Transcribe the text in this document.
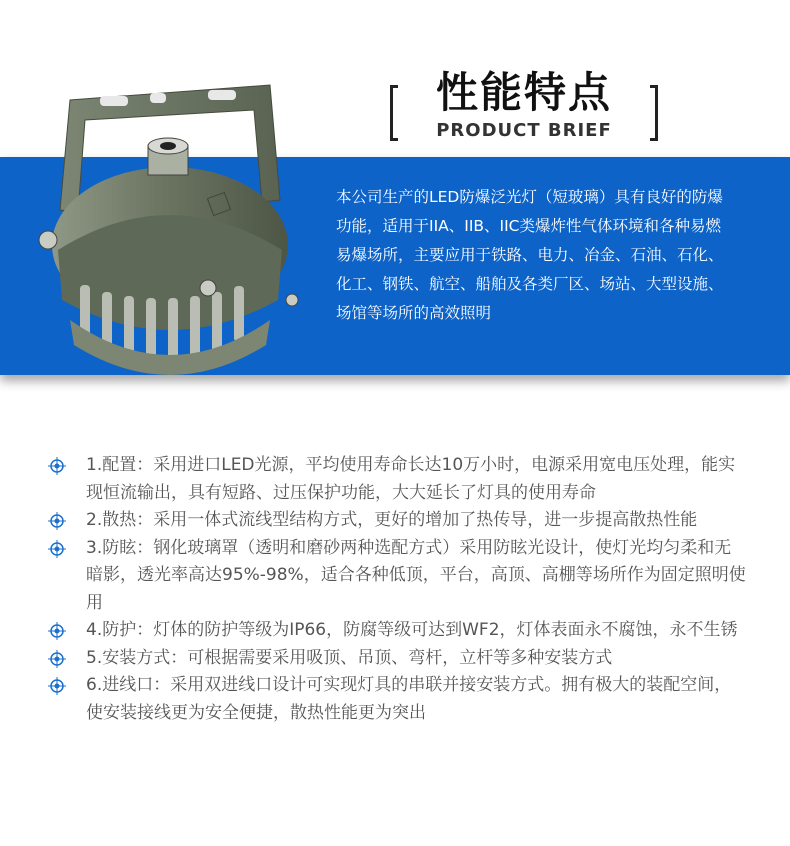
性能特点
PRODUCT BRIEF
本公司生产的LED防爆泛光灯（短玻璃）具有良好的防爆功能，适用于IIA、IIB、IIC类爆炸性气体环境和各种易燃易爆场所，主要应用于铁路、电力、冶金、石油、石化、化工、钢铁、航空、船舶及各类厂区、场站、大型设施、场馆等场所的高效照明
1.配置：采用进口LED光源，平均使用寿命长达10万小时，电源采用宽电压处理，能实现恒流输出，具有短路、过压保护功能，大大延长了灯具的使用寿命
2.散热：采用一体式流线型结构方式，更好的增加了热传导，进一步提高散热性能
3.防眩：钢化玻璃罩（透明和磨砂两种选配方式）采用防眩光设计，使灯光均匀柔和无暗影，透光率高达95%-98%，适合各种低顶，平台，高顶、高棚等场所作为固定照明使用
4.防护：灯体的防护等级为IP66，防腐等级可达到WF2，灯体表面永不腐蚀，永不生锈
5.安装方式：可根据需要采用吸顶、吊顶、弯杆，立杆等多种安装方式
6.进线口：采用双进线口设计可实现灯具的串联并接安装方式。拥有极大的装配空间，使安装接线更为安全便捷，散热性能更为突出
